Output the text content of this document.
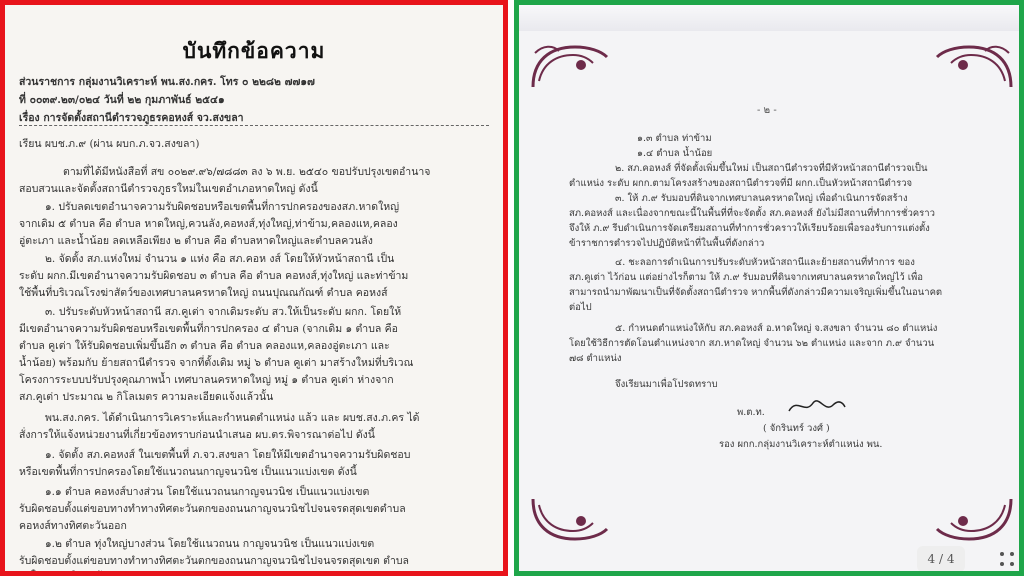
บันทึกข้อความ
ส่วนราชการ กลุ่มงานวิเคราะห์ พน.สง.กคร. โทร ๐ ๒๒๘๒ ๗๗๑๗
ที่ ๐๐๓๙.๒๓/๐๒๔ วันที่ ๒๒ กุมภาพันธ์ ๒๕๔๑
เรื่อง การจัดตั้งสถานีตำรวจภูธรคอหงส์ จว.สงขลา
เรียน ผบช.ภ.๙ (ผ่าน ผบก.ภ.จว.สงขลา)
ตามที่ได้มีหนังสือที่ สข ๐๐๒๙.๙๖/๗๘๘๓ ลง ๖ พ.ย. ๒๕๔๐ ขอปรับปรุงเขตอำนาจ
สอบสวนและจัดตั้งสถานีตำรวจภูธรใหม่ในเขตอำเภอหาดใหญ่ ดังนี้
๑. ปรับลดเขตอำนาจความรับผิดชอบหรือเขตพื้นที่การปกครองของสภ.หาดใหญ่
จากเดิม ๕ ตำบล คือ ตำบล หาดใหญ่,ควนลัง,คอหงส์,ทุ่งใหญ่,ท่าข้าม,คลองแห,คลอง
อู่ตะเภา และน้ำน้อย ลดเหลือเพียง ๒ ตำบล คือ ตำบลหาดใหญ่และตำบลควนลัง
๒. จัดตั้ง สภ.แห่งใหม่ จำนวน ๑ แห่ง คือ สภ.คอห งส์ โดยให้หัวหน้าสถานี เป็น
ระดับ ผกก.มีเขตอำนาจความรับผิดชอบ ๓ ตำบล คือ ตำบล คอหงส์,ทุ่งใหญ่ และท่าข้าม
ใช้พื้นที่บริเวณโรงฆ่าสัตว์ของเทศบาลนครหาดใหญ่ ถนนปุณณกัณฑ์ ตำบล คอหงส์
๓. ปรับระดับหัวหน้าสถานี สภ.คูเต่า จากเดิมระดับ สว.ให้เป็นระดับ ผกก. โดยให้
มีเขตอำนาจความรับผิดชอบหรือเขตพื้นที่การปกครอง ๔ ตำบล (จากเดิม ๑ ตำบล คือ
ตำบล คูเต่า ให้รับผิดชอบเพิ่มขึ้นอีก ๓ ตำบล คือ ตำบล คลองแห,คลองอู่ตะเภา และ
น้ำน้อย) พร้อมกับ ย้ายสถานีตำรวจ จากที่ตั้งเดิม หมู่ ๖ ตำบล คูเต่า มาสร้างใหม่ที่บริเวณ
โครงการระบบปรับปรุงคุณภาพน้ำ เทศบาลนครหาดใหญ่ หมู่ ๑ ตำบล คูเต่า ห่างจาก
สภ.คูเต่า ประมาณ ๒ กิโลเมตร ความละเอียดแจ้งแล้วนั้น
พน.สง.กคร. ได้ดำเนินการวิเคราะห์และกำหนดตำแหน่ง แล้ว และ ผบช.สง.ภ.คร ได้
สั่งการให้แจ้งหน่วยงานที่เกี่ยวข้องทราบก่อนนำเสนอ ผบ.ตร.พิจารณาต่อไป ดังนี้
๑. จัดตั้ง สภ.คอหงส์ ในเขตพื้นที่ ภ.จว.สงขลา โดยให้มีเขตอำนาจความรับผิดชอบ
หรือเขตพื้นที่การปกครองโดยใช้แนวถนนกาญจนวนิช เป็นแนวแบ่งเขต ดังนี้
๑.๑ ตำบล คอหงส์บางส่วน โดยใช้แนวถนนกาญจนวนิช เป็นแนวแบ่งเขต
รับผิดชอบตั้งแต่ขอบทางทำทางทิศตะวันตกของถนนกาญจนวนิชไปจนจรดสุดเขตตำบล
คอหงส์ทางทิศตะวันออก
๑.๒ ตำบล ทุ่งใหญ่บางส่วน โดยใช้แนวถนน กาญจนวนิช เป็นแนวแบ่งเขต
รับผิดชอบตั้งแต่ขอบทางทำทางทิศตะวันตกของถนนกาญจนวนิชไปจนจรดสุดเขต ตำบล
ทุ่งใหญ่ทางทิศตะวันออก
- ๒ -
๑.๓ ตำบล ท่าข้าม
๑.๔ ตำบล น้ำน้อย
๒. สภ.คอหงส์ ที่จัดตั้งเพิ่มขึ้นใหม่ เป็นสถานีตำรวจที่มีหัวหน้าสถานีตำรวจเป็น
ตำแหน่ง ระดับ ผกก.ตามโครงสร้างของสถานีตำรวจที่มี ผกก.เป็นหัวหน้าสถานีตำรวจ
๓. ให้ ภ.๙ รับมอบที่ดินจากเทศบาลนครหาดใหญ่ เพื่อดำเนินการจัดสร้าง
สภ.คอหงส์ และเนื่องจากขณะนี้ในพื้นที่ที่จะจัดตั้ง สภ.คอหงส์ ยังไม่มีสถานที่ทำการชั่วคราว
จึงให้ ภ.๙ รีบดำเนินการจัดเตรียมสถานที่ทำการชั่วคราวให้เรียบร้อยเพื่อรองรับการแต่งตั้ง
ข้าราชการตำรวจไปปฏิบัติหน้าที่ในพื้นที่ดังกล่าว
๔. ชะลอการดำเนินการปรับระดับหัวหน้าสถานีและย้ายสถานที่ทำการ ของ
สภ.คูเต่า ไว้ก่อน แต่อย่างไรก็ตาม ให้ ภ.๙ รับมอบที่ดินจากเทศบาลนครหาดใหญ่ไว้ เพื่อ
สามารถนำมาพัฒนาเป็นที่จัดตั้งสถานีตำรวจ หากพื้นที่ดังกล่าวมีความเจริญเพิ่มขึ้นในอนาคต
ต่อไป
๕. กำหนดตำแหน่งให้กับ สภ.คอหงส์ อ.หาดใหญ่ จ.สงขลา จำนวน ๘๐ ตำแหน่ง
โดยใช้วิธีการตัดโอนตำแหน่งจาก สภ.หาดใหญ่ จำนวน ๖๒ ตำแหน่ง และจาก ภ.๙ จำนวน
๗๘ ตำแหน่ง
จึงเรียนมาเพื่อโปรดทราบ
พ.ต.ท.
( จักรินทร์ วงศ์ )
รอง ผกก.กลุ่มงานวิเคราะห์ตำแหน่ง พน.
4 / 4
